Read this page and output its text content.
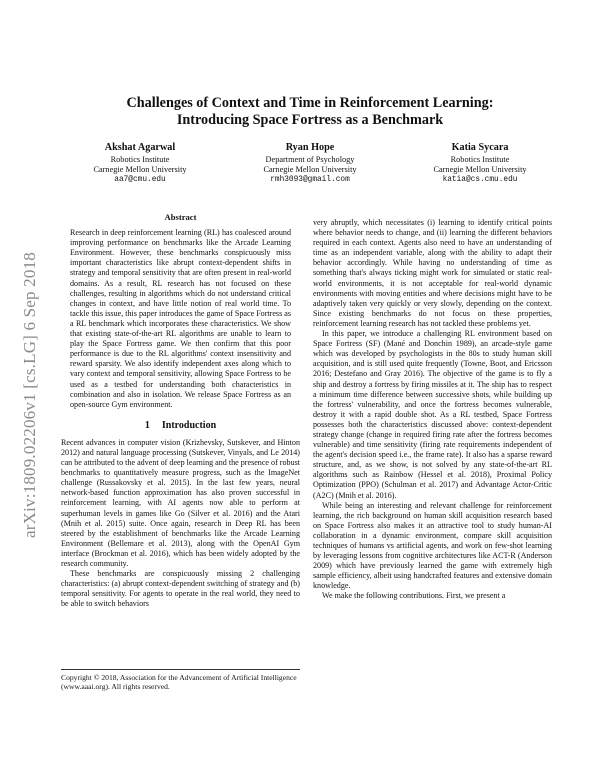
arXiv:1809.02206v1 [cs.LG] 6 Sep 2018
Challenges of Context and Time in Reinforcement Learning:
Introducing Space Fortress as a Benchmark
Akshat Agarwal
Robotics Institute
Carnegie Mellon University
aa7@cmu.edu
Ryan Hope
Department of Psychology
Carnegie Mellon University
rmh3093@gmail.com
Katia Sycara
Robotics Institute
Carnegie Mellon University
katia@cs.cmu.edu
Abstract

Research in deep reinforcement learning (RL) has coalesced around improving performance on benchmarks like the Arcade Learning Environment. However, these benchmarks conspicuously miss important characteristics like abrupt context-dependent shifts in strategy and temporal sensitivity that are often present in real-world domains. As a result, RL research has not focused on these challenges, resulting in algorithms which do not understand critical changes in context, and have little notion of real world time. To tackle this issue, this paper introduces the game of Space Fortress as a RL benchmark which incorporates these characteristics. We show that existing state-of-the-art RL algorithms are unable to learn to play the Space Fortress game. We then confirm that this poor performance is due to the RL algorithms' context insensitivity and reward sparsity. We also identify independent axes along which to vary context and temporal sensitivity, allowing Space Fortress to be used as a testbed for understanding both characteristics in combination and also in isolation. We release Space Fortress as an open-source Gym environment.

1 Introduction

Recent advances in computer vision (Krizhevsky, Sutskever, and Hinton 2012) and natural language processing (Sutskever, Vinyals, and Le 2014) can be attributed to the advent of deep learning and the presence of robust benchmarks to quantitatively measure progress, such as the ImageNet challenge (Russakovsky et al. 2015). In the last few years, neural network-based function approximation has also proven successful in reinforcement learning, with AI agents now able to perform at superhuman levels in games like Go (Silver et al. 2016) and the Atari (Mnih et al. 2015) suite. Once again, research in Deep RL has been steered by the establishment of benchmarks like the Arcade Learning Environment (Bellemare et al. 2013), along with the OpenAI Gym interface (Brockman et al. 2016), which has been widely adopted by the research community.

These benchmarks are conspicuously missing 2 challenging characteristics: (a) abrupt context-dependent switching of strategy and (b) temporal sensitivity. For agents to operate in the real world, they need to be able to switch behaviors

Copyright © 2018, Association for the Advancement of Artificial Intelligence (www.aaai.org). All rights reserved.

very abruptly, which necessitates (i) learning to identify critical points where behavior needs to change, and (ii) learning the different behaviors required in each context. Agents also need to have an understanding of time as an independent variable, along with the ability to adapt their behavior accordingly. While having no understanding of time as something that's always ticking might work for simulated or static real-world environments, it is not acceptable for real-world dynamic environments with moving entities and where decisions might have to be adaptively taken very quickly or very slowly, depending on the context. Since existing benchmarks do not focus on these properties, reinforcement learning research has not tackled these problems yet.

In this paper, we introduce a challenging RL environment based on Space Fortress (SF) (Mané and Donchin 1989), an arcade-style game which was developed by psychologists in the 80s to study human skill acquisition, and is still used quite frequently (Towne, Boot, and Ericsson 2016; Destefano and Gray 2016). The objective of the game is to fly a ship and destroy a fortress by firing missiles at it. The ship has to respect a minimum time difference between successive shots, while building up the fortress' vulnerability, and once the fortress becomes vulnerable, destroy it with a rapid double shot. As a RL testbed, Space Fortress possesses both the characteristics discussed above: context-dependent strategy change (change in required firing rate after the fortress becomes vulnerable) and time sensitivity (firing rate requirements independent of the agent's decision speed i.e., the frame rate). It also has a sparse reward structure, and, as we show, is not solved by any state-of-the-art RL algorithms such as Rainbow (Hessel et al. 2018), Proximal Policy Optimization (PPO) (Schulman et al. 2017) and Advantage Actor-Critic (A2C) (Mnih et al. 2016).

While being an interesting and relevant challenge for reinforcement learning, the rich background on human skill acquisition research based on Space Fortress also makes it an attractive tool to study human-AI collaboration in a dynamic environment, compare skill acquisition techniques of humans vs artificial agents, and work on few-shot learning by leveraging lessons from cognitive architectures like ACT-R (Anderson 2009) which have previously learned the game with extremely high sample efficiency, albeit using handcrafted features and extensive domain knowledge.

We make the following contributions. First, we present a
